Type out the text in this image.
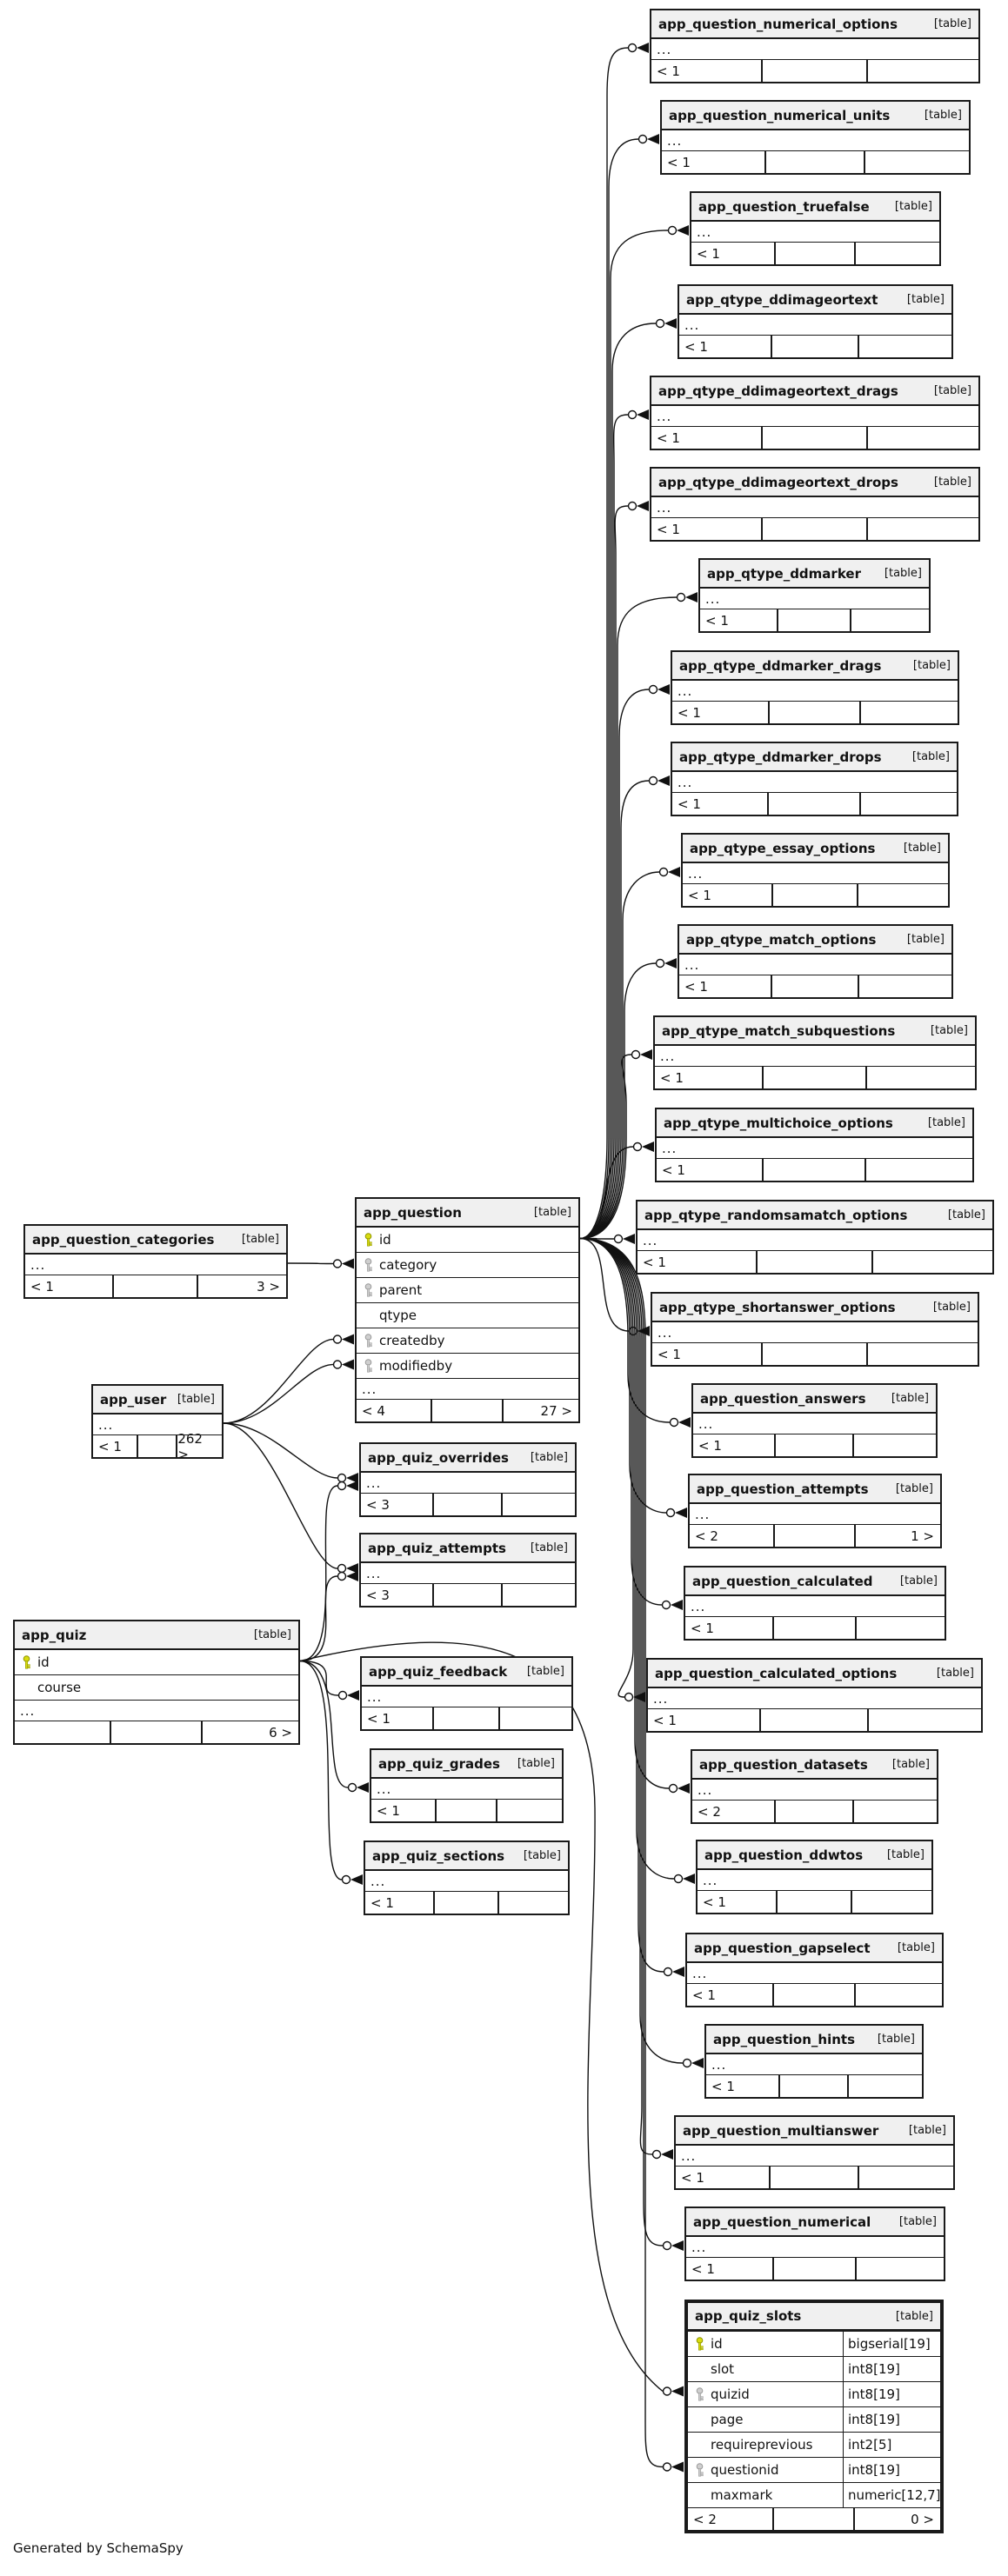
app_question_numerical_options	[table]
...
< 1
app_question_numerical_units	[table]
...
< 1
app_question_truefalse [table]
...
< 1
app_qtype_ddimageortext	[table]
...
< 1
app_qtype_ddimageortext_drags	[table]
...
< 1
app_qtype_ddimageortext_drops	[table]
...
< 1
app_qtype_ddmarker [table]
...
< 1
app_qtype_ddmarker_drags	[table]
...
< 1
app_qtype_ddmarker_drops	[table]
...
< 1
app_qtype_essay_options [table]
...
< 1
app_qtype_match_options	[table]
...
< 1
app_qtype_match_subquestions	[table]
...
< 1
app_qtype_multichoice_options	[table]
...
< 1
app_qtype_randomsamatch_options	[table]
...
< 1
app_qtype_shortanswer_options	[table]
...
< 1
app_question_answers [table]
...
< 1
app_question_attempts [table]
...
< 2	1 >
app_question_calculated [table]
...
< 1
app_question_calculated_options	[table]
...
< 1
app_question_datasets [table]
...
< 2
app_question_ddwtos [table]
...
< 1
app_question_gapselect [table]
...
< 1
app_question_hints [table]
...
< 1
app_question_multianswer	[table]
...
< 1
app_question_numerical	[table]
...
< 1
app_quiz_slots	[table]
id	bigserial[19]
slot	int8[19]
quizid	int8[19]
page	int8[19]
requireprevious	int2[5]
questionid	int8[19]
maxmark	numeric[12,7]
< 2	0 >
app_question	[table]
id
category
parent
qtype
createdby
modifiedby
...
< 4	27 >
app_quiz_overrides [table]
...
< 3
app_quiz_attempts [table]
...
< 3
app_quiz_feedback [table]
...
< 1
app_quiz_grades [table]
...
< 1
app_quiz_sections [table]
...
< 1
app_question_categories [table]
...
< 1	3 >
app_user [table]
...
< 1	262 >
app_quiz	[table]
id
course
...
6 >
Generated by SchemaSpy
